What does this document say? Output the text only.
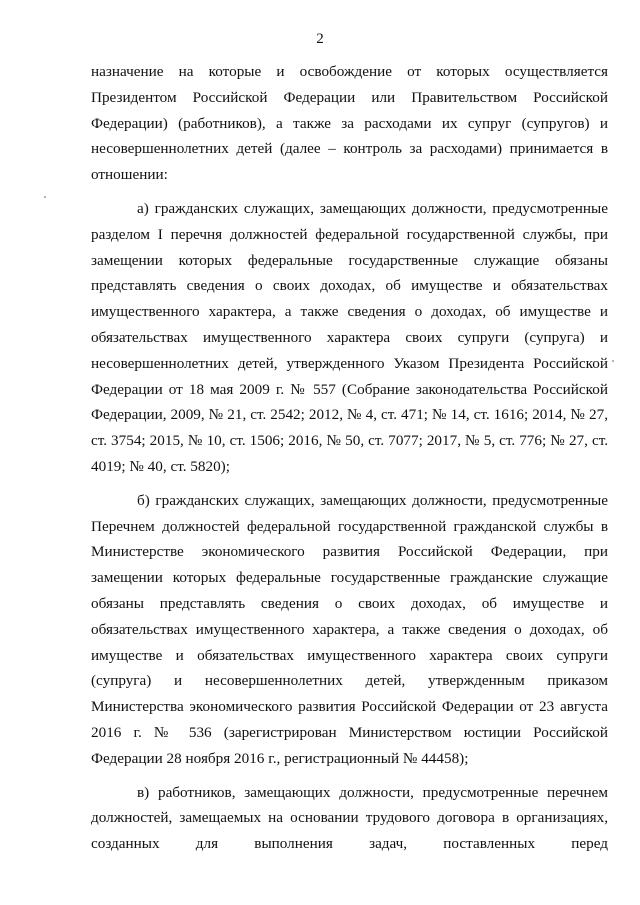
2

назначение на которые и освобождение от которых осуществляется Президентом Российской Федерации или Правительством Российской Федерации) (работников), а также за расходами их супруг (супругов) и несовершеннолетних детей (далее – контроль за расходами) принимается в отношении:

а) гражданских служащих, замещающих должности, предусмотренные разделом I перечня должностей федеральной государственной службы, при замещении которых федеральные государственные служащие обязаны представлять сведения о своих доходах, об имуществе и обязательствах имущественного характера, а также сведения о доходах, об имуществе и обязательствах имущественного характера своих супруги (супруга) и несовершеннолетних детей, утвержденного Указом Президента Российской Федерации от 18 мая 2009 г. № 557 (Собрание законодательства Российской Федерации, 2009, № 21, ст. 2542; 2012, № 4, ст. 471; № 14, ст. 1616; 2014, № 27, ст. 3754; 2015, № 10, ст. 1506; 2016, № 50, ст. 7077; 2017, № 5, ст. 776; № 27, ст. 4019; № 40, ст. 5820);

б) гражданских служащих, замещающих должности, предусмотренные Перечнем должностей федеральной государственной гражданской службы в Министерстве экономического развития Российской Федерации, при замещении которых федеральные государственные гражданские служащие обязаны представлять сведения о своих доходах, об имуществе и обязательствах имущественного характера, а также сведения о доходах, об имуществе и обязательствах имущественного характера своих супруги (супруга) и несовершеннолетних детей, утвержденным приказом Министерства экономического развития Российской Федерации от 23 августа 2016 г. № 536 (зарегистрирован Министерством юстиции Российской Федерации 28 ноября 2016 г., регистрационный № 44458);

в) работников, замещающих должности, предусмотренные перечнем должностей, замещаемых на основании трудового договора в организациях, созданных для выполнения задач, поставленных перед
